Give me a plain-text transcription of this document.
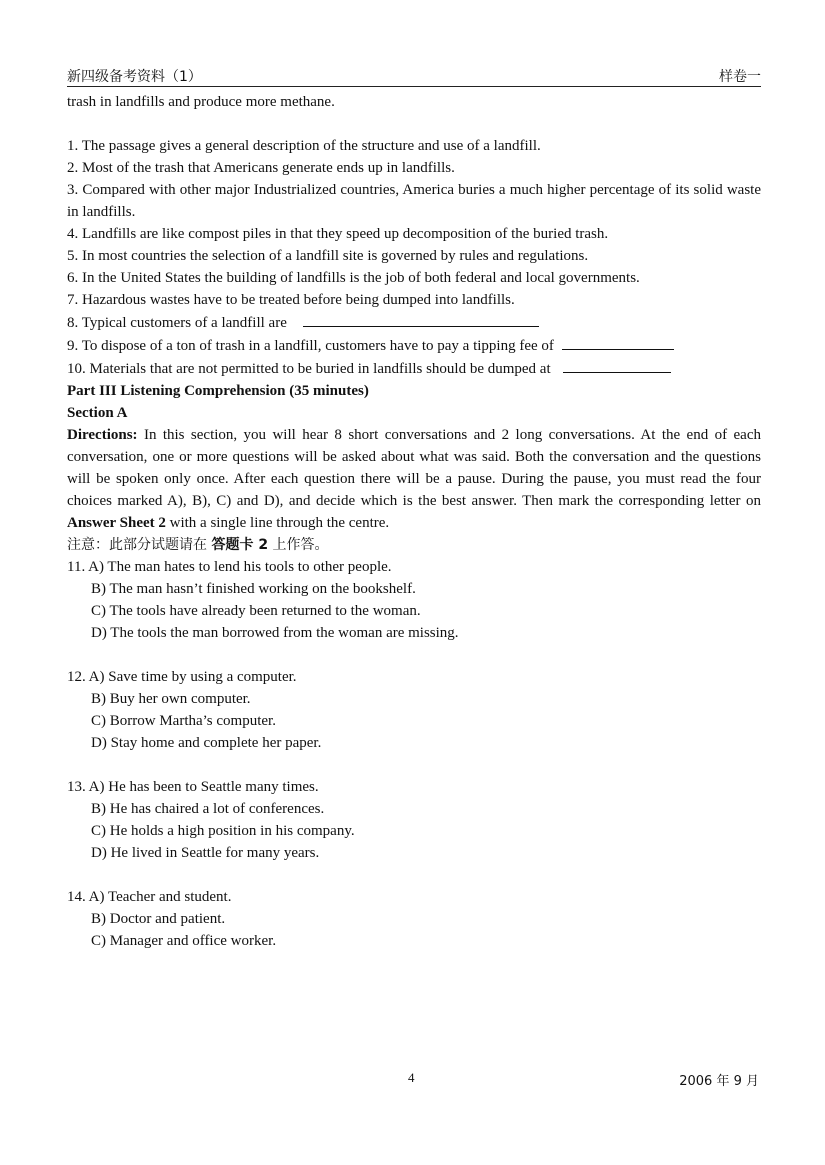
新四级备考资料（1）	样卷一

trash in landfills and produce more methane.

1. The passage gives a general description of the structure and use of a landfill.

2. Most of the trash that Americans generate ends up in landfills.

3. Compared with other major Industrialized countries, America buries a much higher percentage of its solid waste in landfills.

4. Landfills are like compost piles in that they speed up decomposition of the buried trash.

5. In most countries the selection of a landfill site is governed by rules and regulations.

6. In the United States the building of landfills is the job of both federal and local governments.

7. Hazardous wastes have to be treated before being dumped into landfills.

8. Typical customers of a landfill are

9. To dispose of a ton of trash in a landfill, customers have to pay a tipping fee of

10. Materials that are not permitted to be buried in landfills should be dumped at

Part III Listening Comprehension (35 minutes)

Section A

Directions: In this section, you will hear 8 short conversations and 2 long conversations. At the end of each conversation, one or more questions will be asked about what was said. Both the conversation and the questions will be spoken only once. After each question there will be a pause. During the pause, you must read the four choices marked A), B), C) and D), and decide which is the best answer. Then mark the corresponding letter on Answer Sheet 2 with a single line through the centre.

注意：此部分试题请在 答题卡 2 上作答。

11. A) The man hates to lend his tools to other people.

B) The man hasn’t finished working on the bookshelf.

C) The tools have already been returned to the woman.

D) The tools the man borrowed from the woman are missing.

12. A) Save time by using a computer.

B) Buy her own computer.

C) Borrow Martha’s computer.

D) Stay home and complete her paper.

13. A) He has been to Seattle many times.

B) He has chaired a lot of conferences.

C) He holds a high position in his company.

D) He lived in Seattle for many years.

14. A) Teacher and student.

B) Doctor and patient.

C) Manager and office worker.

4	2006 年 9 月
